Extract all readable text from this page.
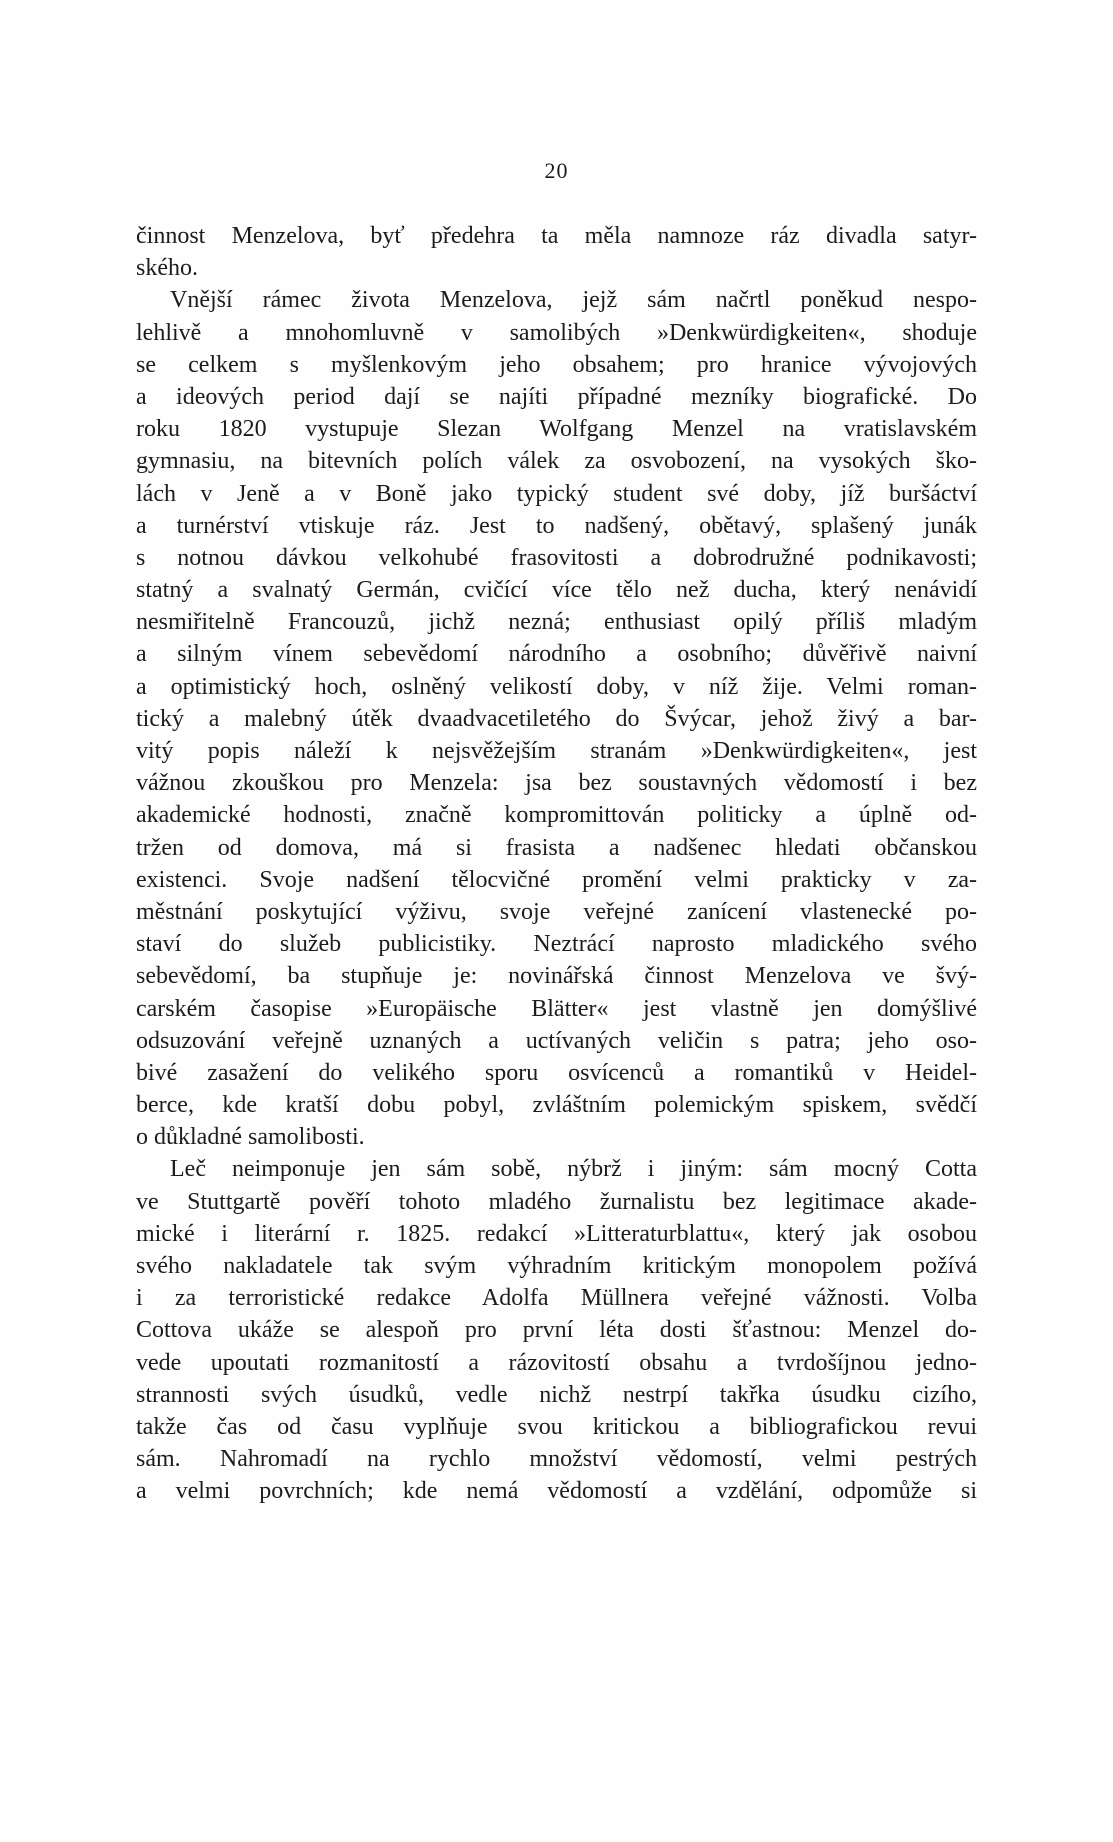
20
činnost Menzelova, byť předehra ta měla namnoze ráz divadla satyr-
ského.
Vnější rámec života Menzelova, jejž sám načrtl poněkud nespo-
lehlivě a mnohomluvně v samolibých »Denkwürdigkeiten«, shoduje
se celkem s myšlenkovým jeho obsahem; pro hranice vývojových
a ideových period dají se najíti případné mezníky biografické. Do
roku 1820 vystupuje Slezan Wolfgang Menzel na vratislavském
gymnasiu, na bitevních polích válek za osvobození, na vysokých ško-
lách v Jeně a v Boně jako typický student své doby, jíž buršáctví
a turnérství vtiskuje ráz. Jest to nadšený, obětavý, splašený junák
s notnou dávkou velkohubé frasovitosti a dobrodružné podnikavosti;
statný a svalnatý Germán, cvičící více tělo než ducha, který nenávidí
nesmiřitelně Francouzů, jichž nezná; enthusiast opilý příliš mladým
a silným vínem sebevědomí národního a osobního; důvěřivě naivní
a optimistický hoch, oslněný velikostí doby, v níž žije. Velmi roman-
tický a malebný útěk dvaadvacetiletého do Švýcar, jehož živý a bar-
vitý popis náleží k nejsvěžejším stranám »Denkwürdigkeiten«, jest
vážnou zkouškou pro Menzela: jsa bez soustavných vědomostí i bez
akademické hodnosti, značně kompromittován politicky a úplně od-
tržen od domova, má si frasista a nadšenec hledati občanskou
existenci. Svoje nadšení tělocvičné promění velmi prakticky v za-
městnání poskytující výživu, svoje veřejné zanícení vlastenecké po-
staví do služeb publicistiky. Neztrácí naprosto mladického svého
sebevědomí, ba stupňuje je: novinářská činnost Menzelova ve švý-
carském časopise »Europäische Blätter« jest vlastně jen domýšlivé
odsuzování veřejně uznaných a uctívaných veličin s patra; jeho oso-
bivé zasažení do velikého sporu osvícenců a romantiků v Heidel-
berce, kde kratší dobu pobyl, zvláštním polemickým spiskem, svědčí
o důkladné samolibosti.
Leč neimponuje jen sám sobě, nýbrž i jiným: sám mocný Cotta
ve Stuttgartě pověří tohoto mladého žurnalistu bez legitimace akade-
mické i literární r. 1825. redakcí »Litteraturblattu«, který jak osobou
svého nakladatele tak svým výhradním kritickým monopolem požívá
i za terroristické redakce Adolfa Müllnera veřejné vážnosti. Volba
Cottova ukáže se alespoň pro první léta dosti šťastnou: Menzel do-
vede upoutati rozmanitostí a rázovitostí obsahu a tvrdošíjnou jedno-
strannosti svých úsudků, vedle nichž nestrpí takřka úsudku cizího,
takže čas od času vyplňuje svou kritickou a bibliografickou revui
sám. Nahromadí na rychlo množství vědomostí, velmi pestrých
a velmi povrchních; kde nemá vědomostí a vzdělání, odpomůže si
